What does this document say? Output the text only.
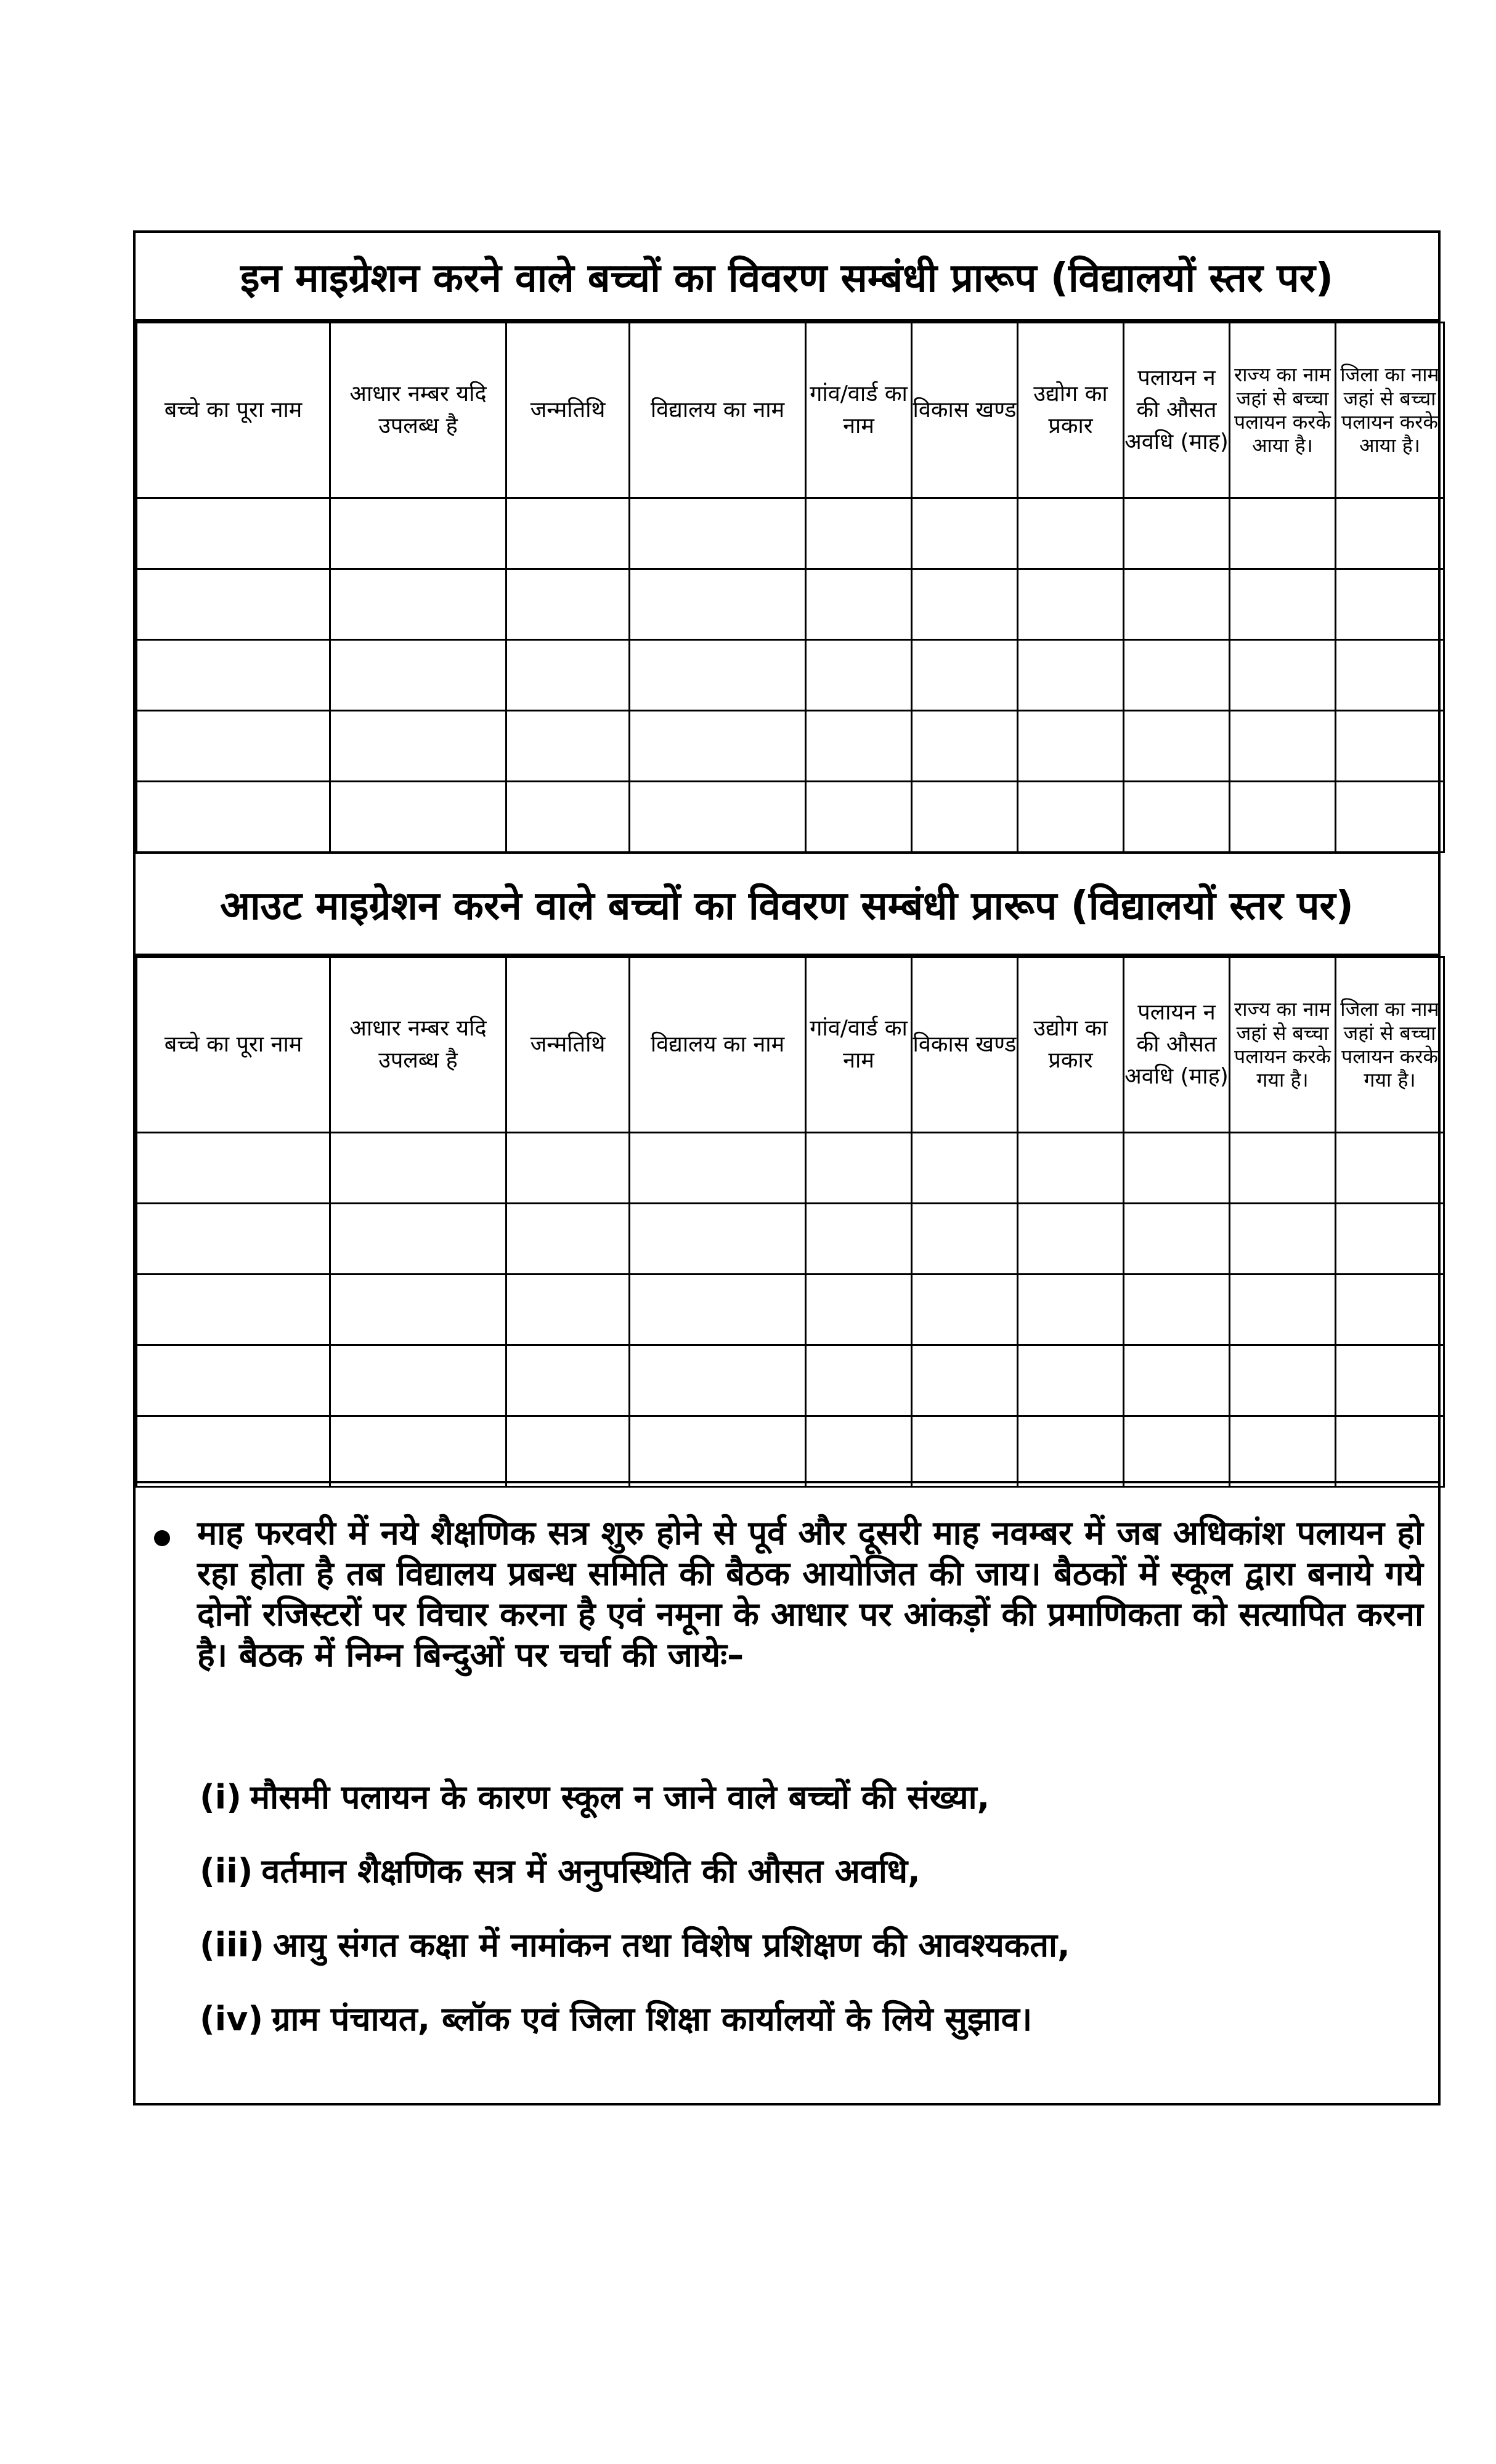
इन माइग्रेशन करने वाले बच्चों का विवरण सम्बंधी प्रारूप (विद्यालयों स्तर पर)
बच्चे का पूरा नाम	आधार नम्बर यदि उपलब्ध है	जन्मतिथि	विद्यालय का नाम	गांव/वार्ड का नाम	विकास खण्ड	उद्योग का प्रकार	पलायन न की औसत अवधि (माह)	राज्य का नाम जहां से बच्चा पलायन करके आया है।	जिला का नाम जहां से बच्चा पलायन करके आया है।

आउट माइग्रेशन करने वाले बच्चों का विवरण सम्बंधी प्रारूप (विद्यालयों स्तर पर)
बच्चे का पूरा नाम	आधार नम्बर यदि उपलब्ध है	जन्मतिथि	विद्यालय का नाम	गांव/वार्ड का नाम	विकास खण्ड	उद्योग का प्रकार	पलायन न की औसत अवधि (माह)	राज्य का नाम जहां से बच्चा पलायन करके गया है।	जिला का नाम जहां से बच्चा पलायन करके गया है।

माह फरवरी में नये शैक्षणिक सत्र शुरु होने से पूर्व और दूसरी माह नवम्बर में जब अधिकांश पलायन हो रहा होता है तब विद्यालय प्रबन्ध समिति की बैठक आयोजित की जाय। बैठकों में स्कूल द्वारा बनाये गये दोनों रजिस्टरों पर विचार करना है एवं नमूना के आधार पर आंकड़ों की प्रमाणिकता को सत्यापित करना है। बैठक में निम्न बिन्दुओं पर चर्चा की जायेः–
(i) मौसमी पलायन के कारण स्कूल न जाने वाले बच्चों की संख्या,
(ii) वर्तमान शैक्षणिक सत्र में अनुपस्थिति की औसत अवधि,
(iii) आयु संगत कक्षा में नामांकन तथा विशेष प्रशिक्षण की आवश्यकता,
(iv) ग्राम पंचायत, ब्लॉक एवं जिला शिक्षा कार्यालयों के लिये सुझाव।
